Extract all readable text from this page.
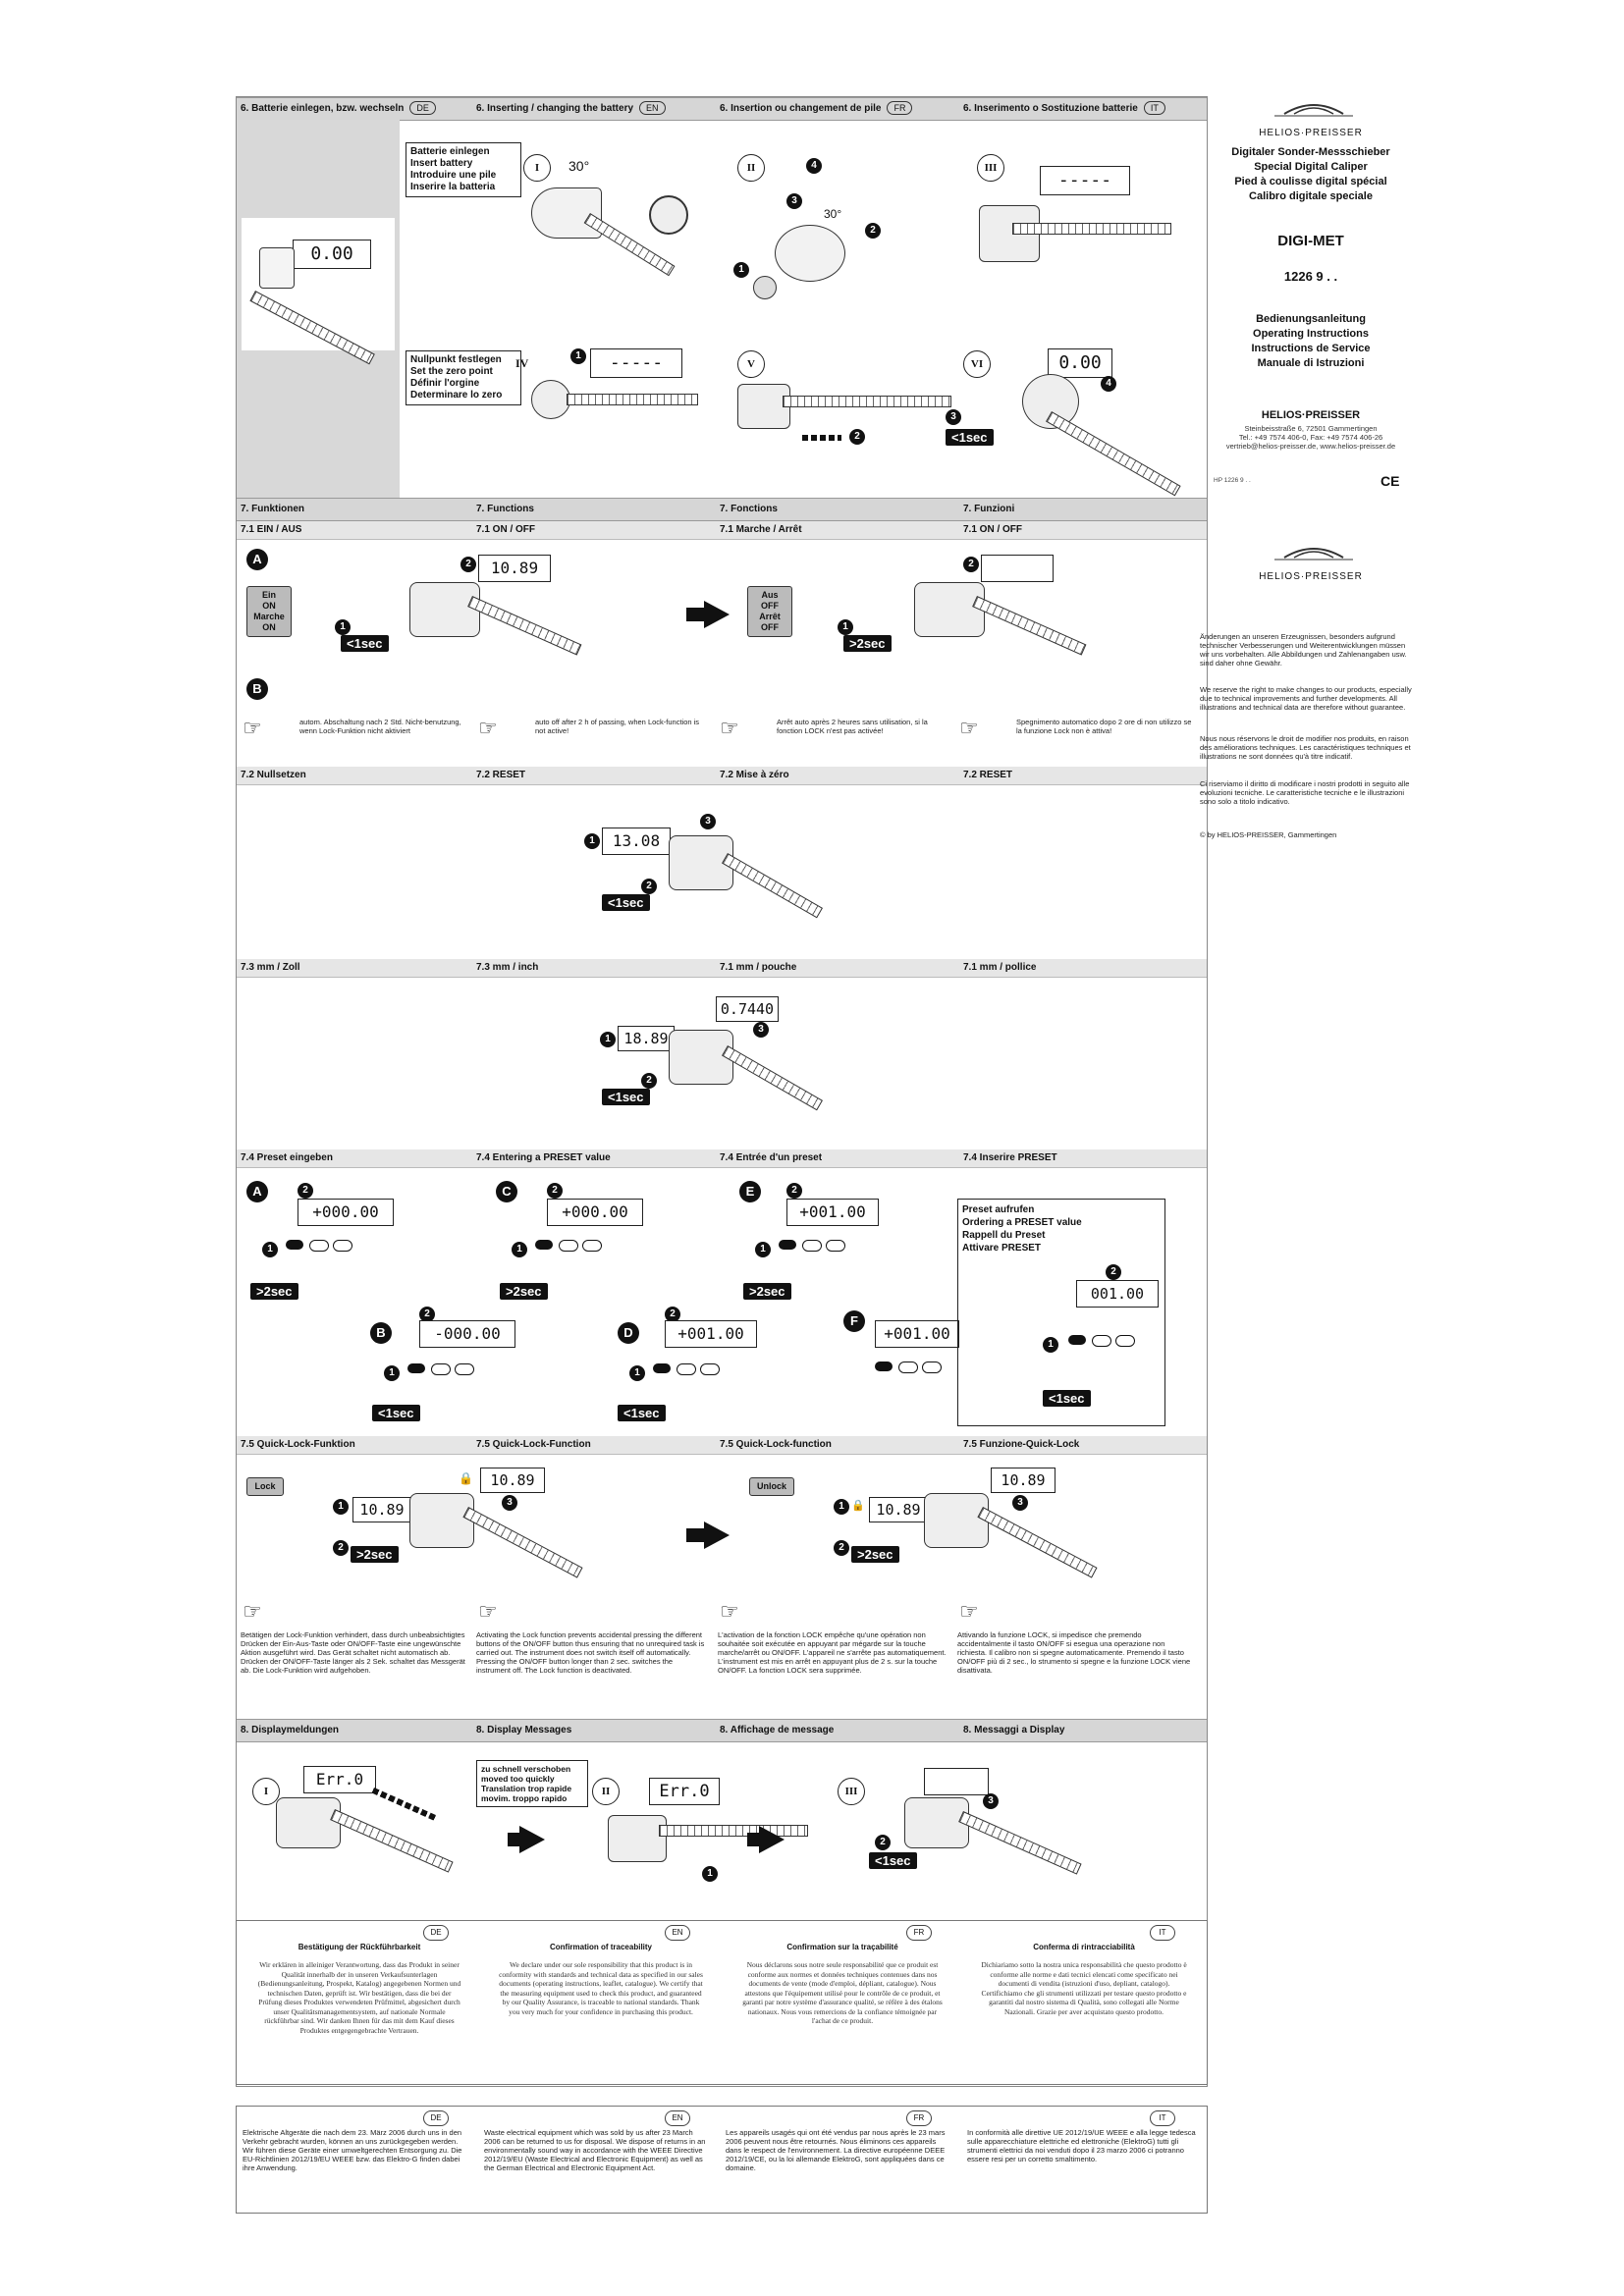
6. Batterie einlegen, bzw. wechseln DE	6. Inserting / changing the battery EN	6. Insertion ou changement de pile FR	6. Inserimento o Sostituzione batterie IT
0.00
Batterie einlegen
Insert battery
Introduire une pile
Inserire la batteria
I	30°	II	4
3
2
1
30°
III
-----
Nullpunkt festlegen
Set the zero point
Définir l'orgine
Determinare lo zero
IV
1	-----	V
2
VI	0.00
4
3
<1sec
7. Funktionen	7. Functions	7. Fonctions	7. Funzioni
7.1 EIN / AUS	7.1 ON / OFF	7.1 Marche / Arrêt	7.1 ON / OFF
A
Ein
ON
Marche
ON
2	10.89
1
<1sec
Aus
OFF
Arrêt
OFF
2
1
>2sec
B
☞	autom. Abschaltung nach 2 Std. Nicht-benutzung, wenn Lock-Funktion nicht aktiviert	☞	auto off after 2 h of passing, when Lock-function is not active!	☞	Arrêt auto après 2 heures sans utilisation, si la fonction LOCK n'est pas activée!	☞	Spegnimento automatico dopo 2 ore di non utilizzo se la funzione Lock non è attiva!
7.2 Nullsetzen	7.2 RESET	7.2 Mise à zéro	7.2 RESET
1	13.08
3
2
<1sec
7.3 mm / Zoll	7.3 mm / inch	7.1 mm / pouche	7.1 mm / pollice
0.7440
3
1 18.89
2
<1sec
7.4 Preset eingeben	7.4 Entering a PRESET value	7.4 Entrée d'un preset	7.4 Inserire PRESET
A	2
+000.00
1
>2sec
B
2
-000.00
1
<1sec
C	2
+000.00
1
>2sec
D
2
+001.00
1
<1sec
E	2
+001.00
1
>2sec
F
+001.00
Preset aufrufen
Ordering a PRESET value
Rappell du Preset
Attivare PRESET
2
001.00
1
<1sec
7.5 Quick-Lock-Funktion	7.5 Quick-Lock-Function	7.5 Quick-Lock-function	7.5 Funzione-Quick-Lock
Lock
🔒	10.89
3
1	10.89
2	>2sec
Unlock	10.89
3
1 🔒 10.89
2	>2sec
☞
Betätigen der Lock-Funktion verhindert, dass durch unbeabsichtigtes Drücken der Ein-Aus-Taste oder ON/OFF-Taste eine ungewünschte Aktion ausgeführt wird. Das Gerät schaltet nicht automatisch ab. Drücken der ON/OFF-Taste länger als 2 Sek. schaltet das Messgerät ab. Die Lock-Funktion wird aufgehoben.
☞
Activating the Lock function prevents accidental pressing the different buttons of the ON/OFF button thus ensuring that no unrequired task is carried out. The instrument does not switch itself off automatically. Pressing the ON/OFF button longer than 2 sec. switches the instrument off. The Lock function is deactivated.
☞
L'activation de la fonction LOCK empêche qu'une opération non souhaitée soit exécutée en appuyant par mégarde sur la touche marche/arrêt ou ON/OFF. L'appareil ne s'arrête pas automatiquement. L'instrument est mis en arrêt en appuyant plus de 2 s. sur la touche ON/OFF. La fonction LOCK sera supprimée.
☞
Attivando la funzione LOCK, si impedisce che premendo accidentalmente il tasto ON/OFF si esegua una operazione non richiesta. Il calibro non si spegne automaticamente. Premendo il tasto ON/OFF più di 2 sec., lo strumento si spegne e la funzione LOCK viene disattivata.
8. Displaymeldungen	8. Display Messages	8. Affichage de message	8. Messaggi a Display
I
Err.0
zu schnell verschoben
moved too quickly
Translation trop rapide
movim. troppo rapido
II	Err.0
1
III
3
2
<1sec
DE	EN	FR	IT
Bestätigung der Rückführbarkeit	Confirmation of traceability	Confirmation sur la traçabilité	Conferma di rintracciabilità
Wir erklären in alleiniger Verantwortung, dass das Produkt in seiner Qualität innerhalb der in unseren Verkaufsunterlagen (Bedienungsanleitung, Prospekt, Katalog) angegebenen Normen und technischen Daten, geprüft ist. Wir bestätigen, dass die bei der Prüfung dieses Produktes verwendeten Prüfmittel, abgesichert durch unser Qualitätsmanagementsystem, auf nationale Normale rückführbar sind. Wir danken Ihnen für das mit dem Kauf dieses Produktes entgegengebrachte Vertrauen.
We declare under our sole responsibility that this product is in conformity with standards and technical data as specified in our sales documents (operating instructions, leaflet, catalogue). We certify that the measuring equipment used to check this product, and guaranteed by our Quality Assurance, is traceable to national standards. Thank you very much for your confidence in purchasing this product.
Nous déclarons sous notre seule responsabilité que ce produit est conforme aux normes et données techniques contenues dans nos documents de vente (mode d'emploi, dépliant, catalogue). Nous attestons que l'équipement utilisé pour le contrôle de ce produit, et garanti par notre système d'assurance qualité, se réfère à des étalons nationaux. Nous vous remercions de la confiance témoignée par l'achat de ce produit.
Dichiariamo sotto la nostra unica responsabilità che questo prodotto è conforme alle norme e dati tecnici elencati come specificato nei documenti di vendita (istruzioni d'uso, depliant, catalogo). Certifichiamo che gli strumenti utilizzati per testare questo prodotto e garantiti dal nostro sistema di Qualità, sono collegati alle Norme Nazionali. Grazie per aver acquistato questo prodotto.
DE	EN	FR	IT
Elektrische Altgeräte die nach dem 23. März 2006 durch uns in den Verkehr gebracht wurden, können an uns zurückgegeben werden. Wir führen diese Geräte einer umweltgerechten Entsorgung zu. Die EU-Richtlinien 2012/19/EU WEEE bzw. das Elektro-G finden dabei ihre Anwendung.
Waste electrical equipment which was sold by us after 23 March 2006 can be returned to us for disposal. We dispose of returns in an environmentally sound way in accordance with the WEEE Directive 2012/19/EU (Waste Electrical and Electronic Equipment) as well as the German Electrical and Electronic Equipment Act.
Les appareils usagés qui ont été vendus par nous après le 23 mars 2006 peuvent nous être retournés. Nous éliminons ces appareils dans le respect de l'environnement. La directive européenne DEEE 2012/19/CE, ou la loi allemande ElektroG, sont appliquées dans ce domaine.
In conformità alle direttive UE 2012/19/UE WEEE e alla legge tedesca sulle apparecchiature elettriche ed elettroniche (ElektroG) tutti gli strumenti elettrici da noi venduti dopo il 23 marzo 2006 ci potranno essere resi per un corretto smaltimento.
HELIOS·PREISSER
Digitaler Sonder-Messschieber
Special Digital Caliper
Pied à coulisse digital spécial
Calibro digitale speciale
DIGI-MET
1226 9 . .
Bedienungsanleitung
Operating Instructions
Instructions de Service
Manuale di Istruzioni
HELIOS·PREISSER
Steinbeisstraße 6, 72501 Gammertingen
Tel.: +49 7574 406-0, Fax: +49 7574 406-26
vertrieb@helios-preisser.de, www.helios-preisser.de
HP 1226 9 . .	CE
HELIOS·PREISSER
Änderungen an unseren Erzeugnissen, besonders aufgrund technischer Verbesserungen und Weiterentwicklungen müssen wir uns vorbehalten. Alle Abbildungen und Zahlenangaben usw. sind daher ohne Gewähr.
We reserve the right to make changes to our products, especially due to technical improvements and further developments. All illustrations and technical data are therefore without guarantee.
Nous nous réservons le droit de modifier nos produits, en raison des améliorations techniques. Les caractéristiques techniques et illustrations ne sont données qu'à titre indicatif.
Ci riserviamo il diritto di modificare i nostri prodotti in seguito alle evoluzioni tecniche. Le caratteristiche tecniche e le illustrazioni sono solo a titolo indicativo.
© by HELIOS-PREISSER, Gammertingen
